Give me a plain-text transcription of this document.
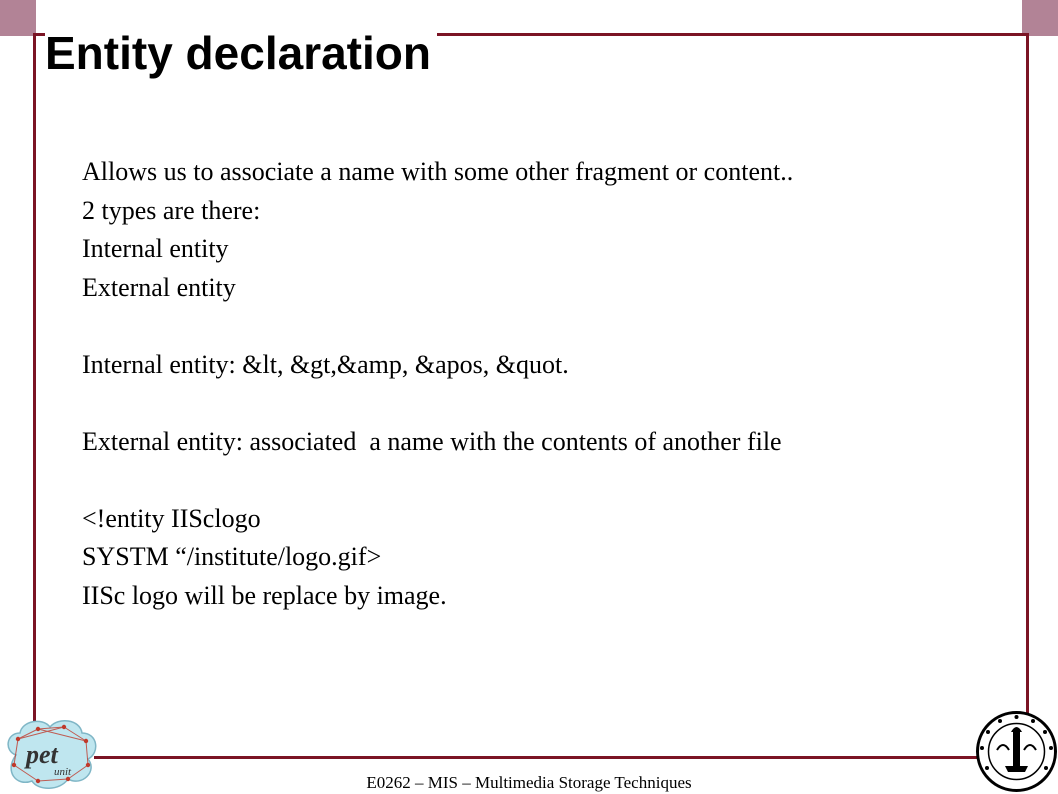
Entity declaration
Allows us to associate a name with some other fragment or content..
2 types are there:
Internal entity
External entity
Internal entity: &lt, &gt,&amp, &apos, &quot.
External entity: associated  a name with the contents of another file
<!entity IISclogo
SYSTM “/institute/logo.gif>
IISc logo will be replace by image.
pet
unit
E0262 – MIS – Multimedia Storage Techniques
